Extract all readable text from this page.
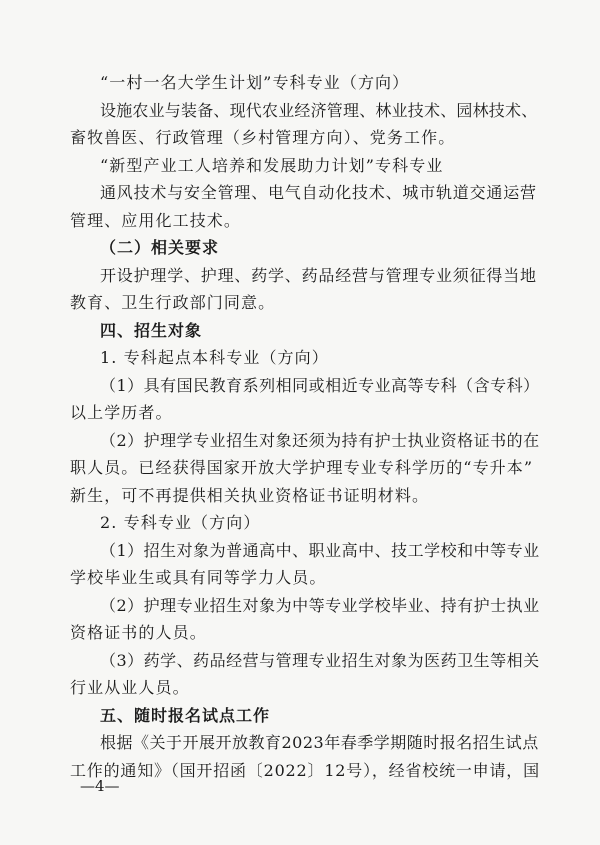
“一村一名大学生计划”专科专业（方向）

设施农业与装备、现代农业经济管理、林业技术、园林技术、

畜牧兽医、行政管理（乡村管理方向）、党务工作。

“新型产业工人培养和发展助力计划”专科专业

通风技术与安全管理、电气自动化技术、城市轨道交通运营

管理、应用化工技术。

（二）相关要求

开设护理学、护理、药学、药品经营与管理专业须征得当地

教育、卫生行政部门同意。

四、招生对象

1. 专科起点本科专业（方向）

（1）具有国民教育系列相同或相近专业高等专科（含专科）

以上学历者。

（2）护理学专业招生对象还须为持有护士执业资格证书的在

职人员。已经获得国家开放大学护理专业专科学历的“专升本”

新生，可不再提供相关执业资格证书证明材料。

2. 专科专业（方向）

（1）招生对象为普通高中、职业高中、技工学校和中等专业

学校毕业生或具有同等学力人员。

（2）护理专业招生对象为中等专业学校毕业、持有护士执业

资格证书的人员。

（3）药学、药品经营与管理专业招生对象为医药卫生等相关

行业从业人员。

五、随时报名试点工作

根据《关于开展开放教育2023年春季学期随时报名招生试点

工作的通知》（国开招函〔2022〕12号），经省校统一申请，国

—4—
